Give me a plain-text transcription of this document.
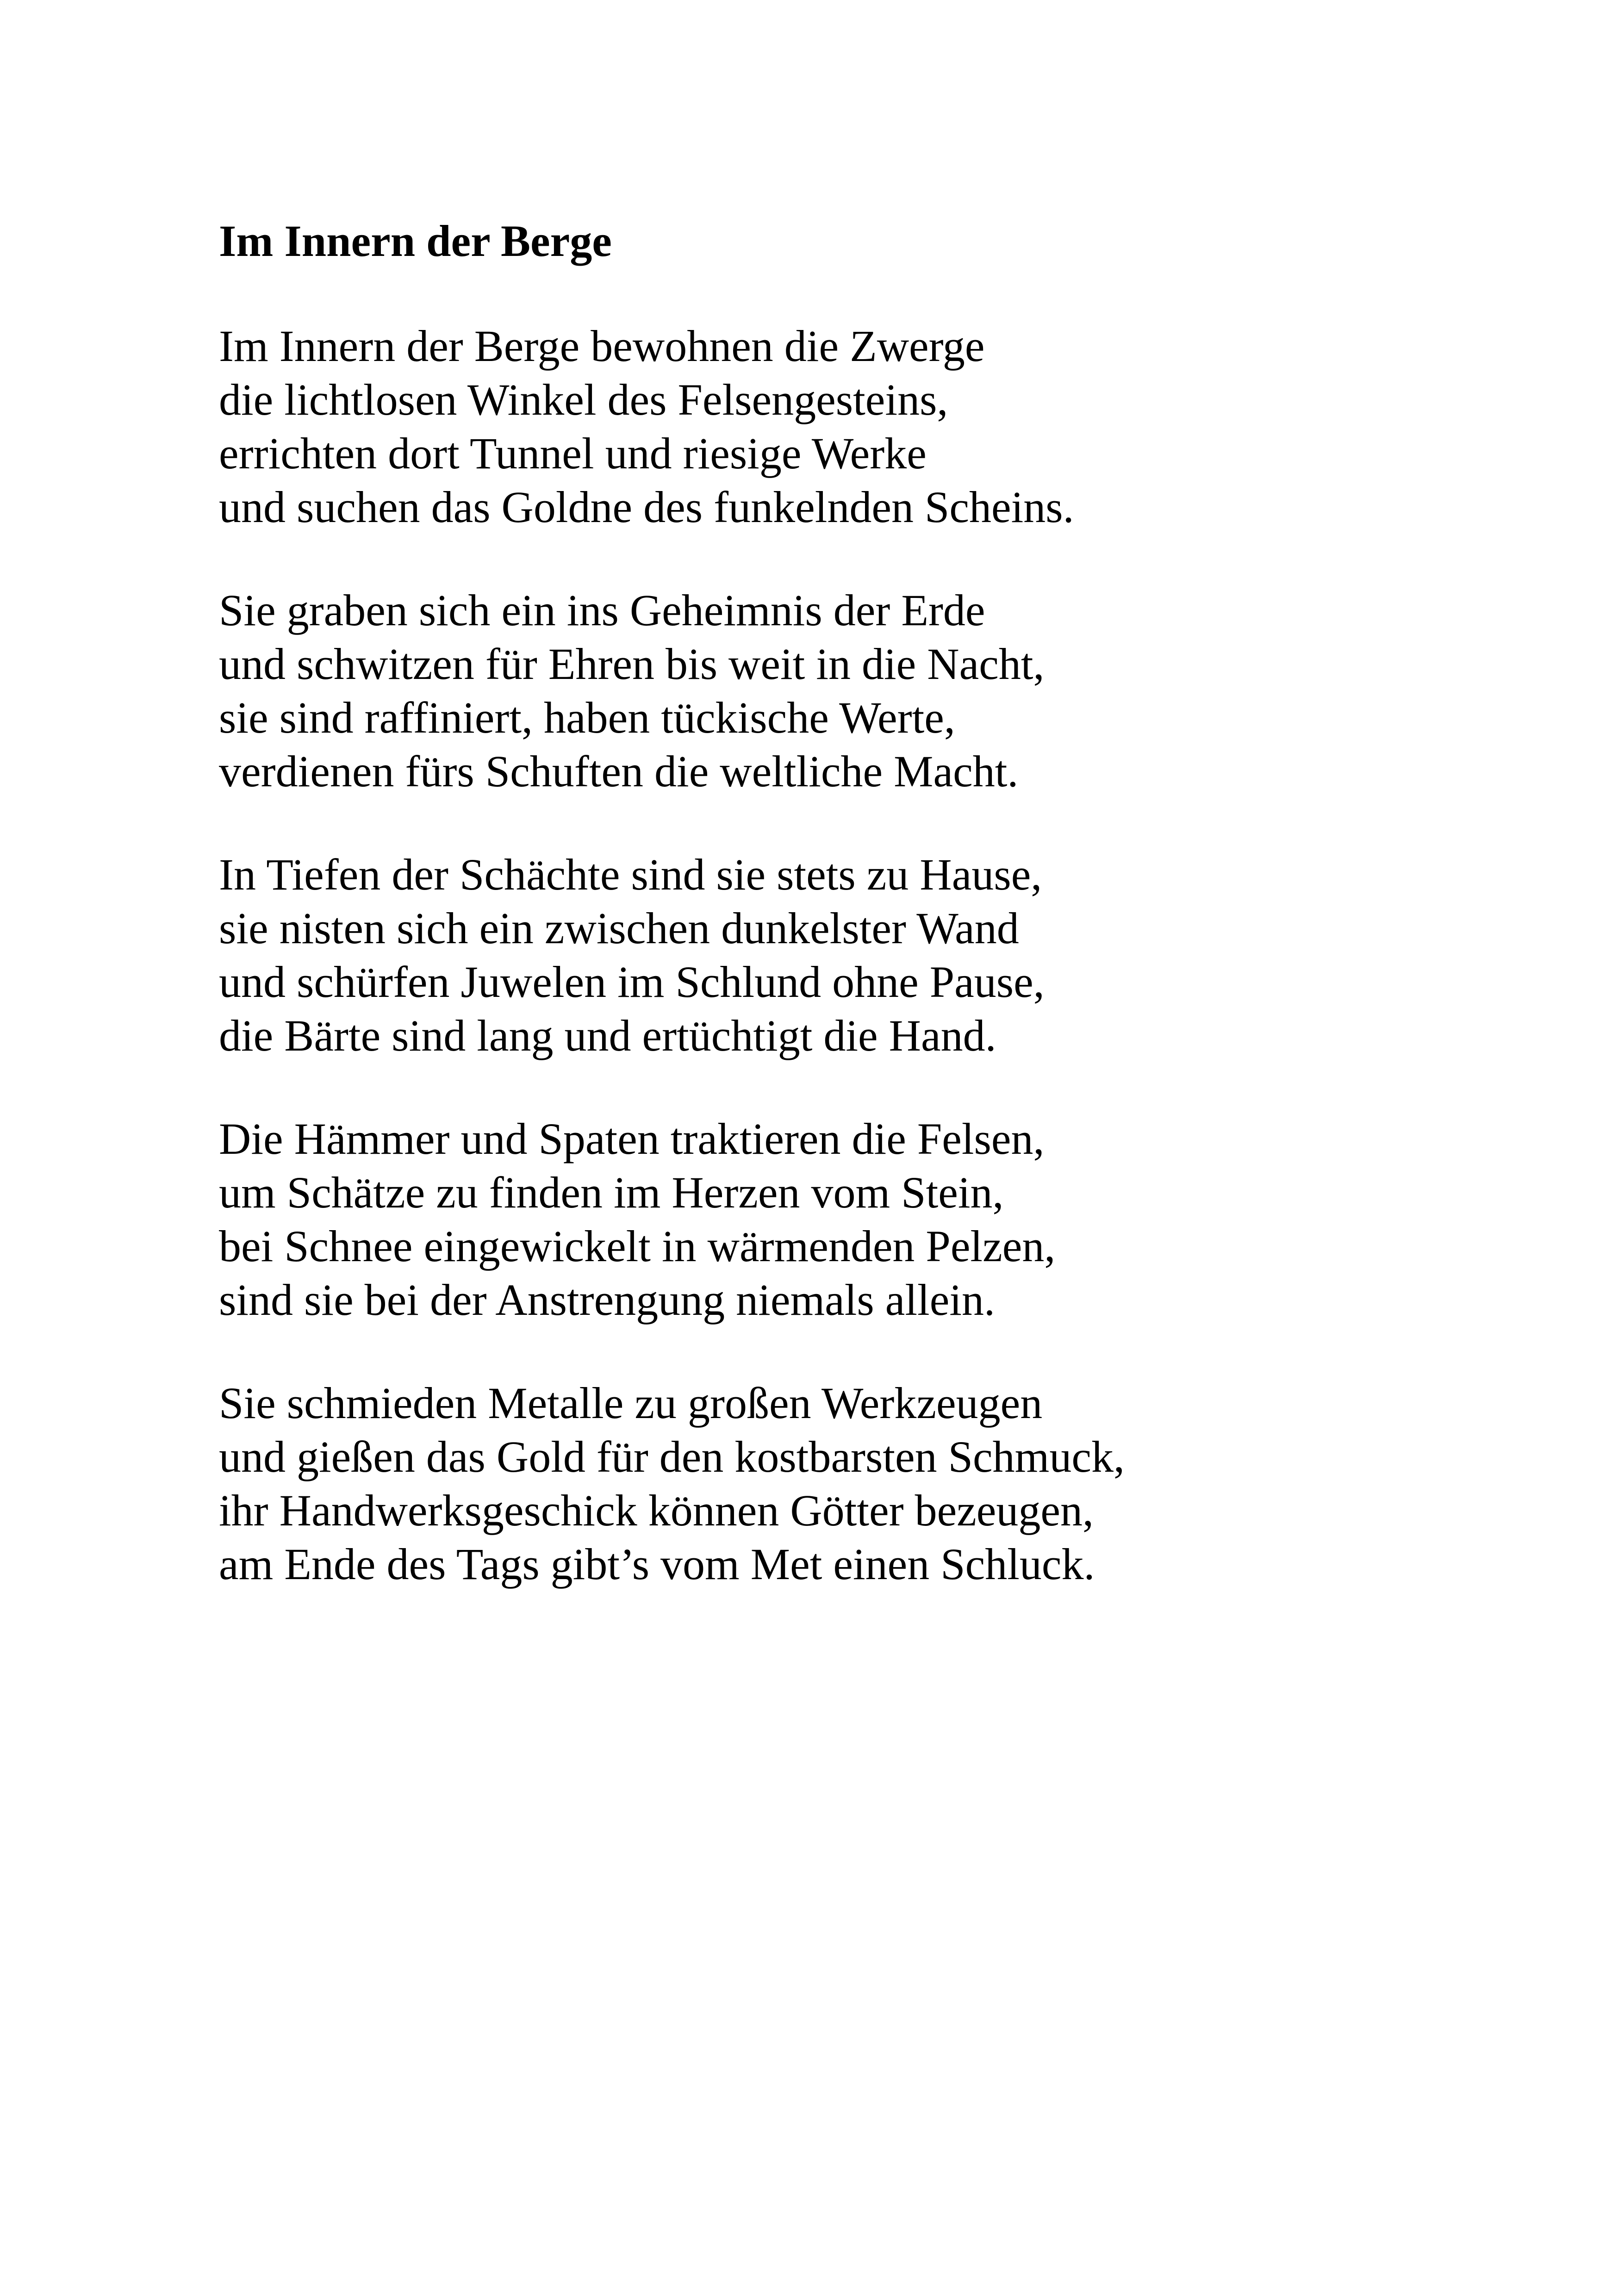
Im Innern der Berge
Im Innern der Berge bewohnen die Zwerge
die lichtlosen Winkel des Felsengesteins,
errichten dort Tunnel und riesige Werke
und suchen das Goldne des funkelnden Scheins.
Sie graben sich ein ins Geheimnis der Erde
und schwitzen für Ehren bis weit in die Nacht,
sie sind raffiniert, haben tückische Werte,
verdienen fürs Schuften die weltliche Macht.
In Tiefen der Schächte sind sie stets zu Hause,
sie nisten sich ein zwischen dunkelster Wand
und schürfen Juwelen im Schlund ohne Pause,
die Bärte sind lang und ertüchtigt die Hand.
Die Hämmer und Spaten traktieren die Felsen,
um Schätze zu finden im Herzen vom Stein,
bei Schnee eingewickelt in wärmenden Pelzen,
sind sie bei der Anstrengung niemals allein.
Sie schmieden Metalle zu großen Werkzeugen
und gießen das Gold für den kostbarsten Schmuck,
ihr Handwerksgeschick können Götter bezeugen,
am Ende des Tags gibt’s vom Met einen Schluck.
